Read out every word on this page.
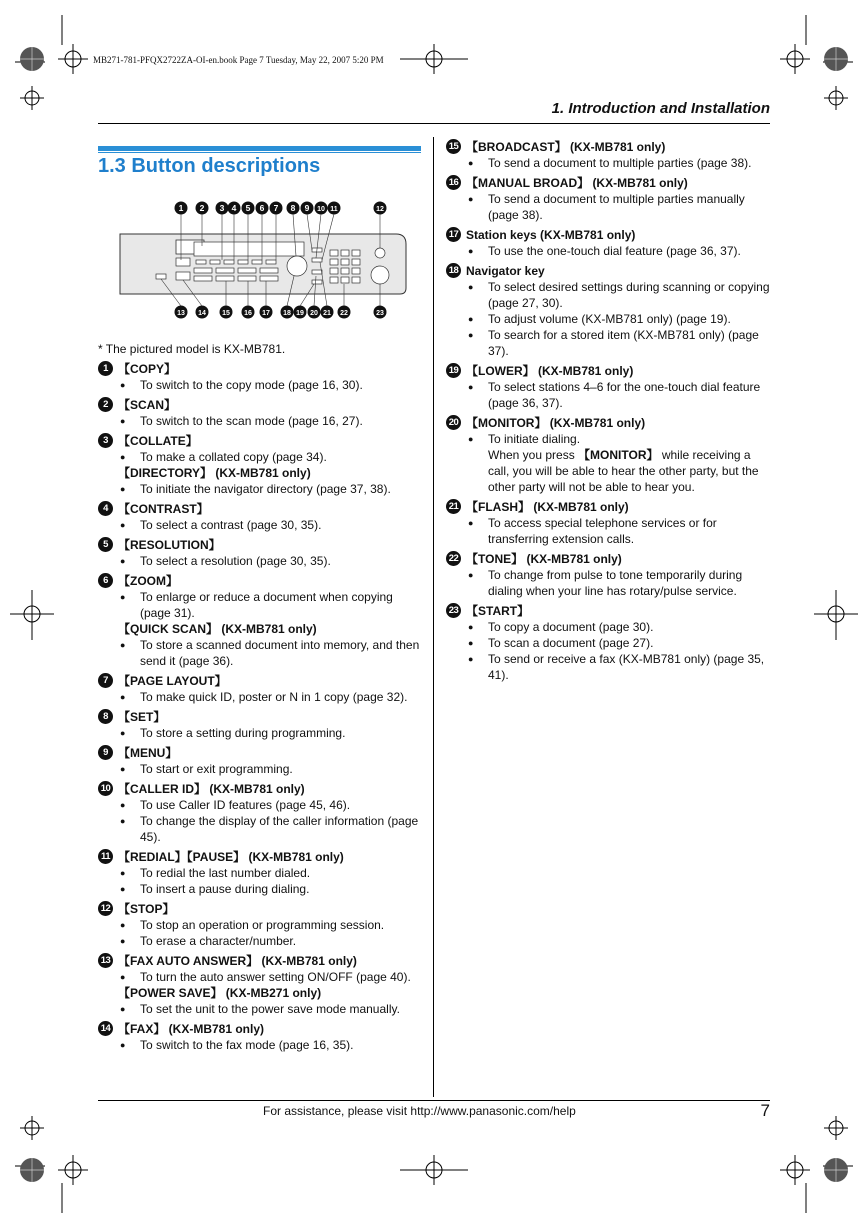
MB271-781-PFQX2722ZA-OI-en.book Page 7 Tuesday, May 22, 2007 5:20 PM
1. Introduction and Installation
1.3 Button descriptions
1 2 3 4 5 6 7 8 9 10 11	12
13 14 15 16 17 18 19 20 21 22	23
* The pictured model is KX-MB781.
1 【COPY】
●	To switch to the copy mode (page 16, 30).
2 【SCAN】
●	To switch to the scan mode (page 16, 27).
3 【COLLATE】
●	To make a collated copy (page 34).
【DIRECTORY】 (KX-MB781 only)
●	To initiate the navigator directory (page 37, 38).
4 【CONTRAST】
●	To select a contrast (page 30, 35).
5 【RESOLUTION】
●	To select a resolution (page 30, 35).
6 【ZOOM】
●	To enlarge or reduce a document when copying (page 31).
【QUICK SCAN】 (KX-MB781 only)
●	To store a scanned document into memory, and then send it (page 36).
7 【PAGE LAYOUT】
●	To make quick ID, poster or N in 1 copy (page 32).
8 【SET】
●	To store a setting during programming.
9 【MENU】
●	To start or exit programming.
10 【CALLER ID】 (KX-MB781 only)
●	To use Caller ID features (page 45, 46).
●	To change the display of the caller information (page 45).
11 【REDIAL】【PAUSE】 (KX-MB781 only)
●	To redial the last number dialed.
●	To insert a pause during dialing.
12 【STOP】
●	To stop an operation or programming session.
●	To erase a character/number.
13 【FAX AUTO ANSWER】 (KX-MB781 only)
●	To turn the auto answer setting ON/OFF (page 40).
【POWER SAVE】 (KX-MB271 only)
●	To set the unit to the power save mode manually.
14 【FAX】 (KX-MB781 only)
●	To switch to the fax mode (page 16, 35).
15 【BROADCAST】 (KX-MB781 only)
●	To send a document to multiple parties (page 38).
16 【MANUAL BROAD】 (KX-MB781 only)
●	To send a document to multiple parties manually (page 38).
17 Station keys (KX-MB781 only)
●	To use the one-touch dial feature (page 36, 37).
18 Navigator key
●	To select desired settings during scanning or copying (page 27, 30).
●	To adjust volume (KX-MB781 only) (page 19).
●	To search for a stored item (KX-MB781 only) (page 37).
19 【LOWER】 (KX-MB781 only)
●	To select stations 4–6 for the one-touch dial feature (page 36, 37).
20 【MONITOR】 (KX-MB781 only)
●	To initiate dialing.
When you press 【MONITOR】 while receiving a call, you will be able to hear the other party, but the other party will not be able to hear you.
21 【FLASH】 (KX-MB781 only)
●	To access special telephone services or for transferring extension calls.
22 【TONE】 (KX-MB781 only)
●	To change from pulse to tone temporarily during dialing when your line has rotary/pulse service.
23 【START】
●	To copy a document (page 30).
●	To scan a document (page 27).
●	To send or receive a fax (KX-MB781 only) (page 35, 41).
For assistance, please visit http://www.panasonic.com/help	7
